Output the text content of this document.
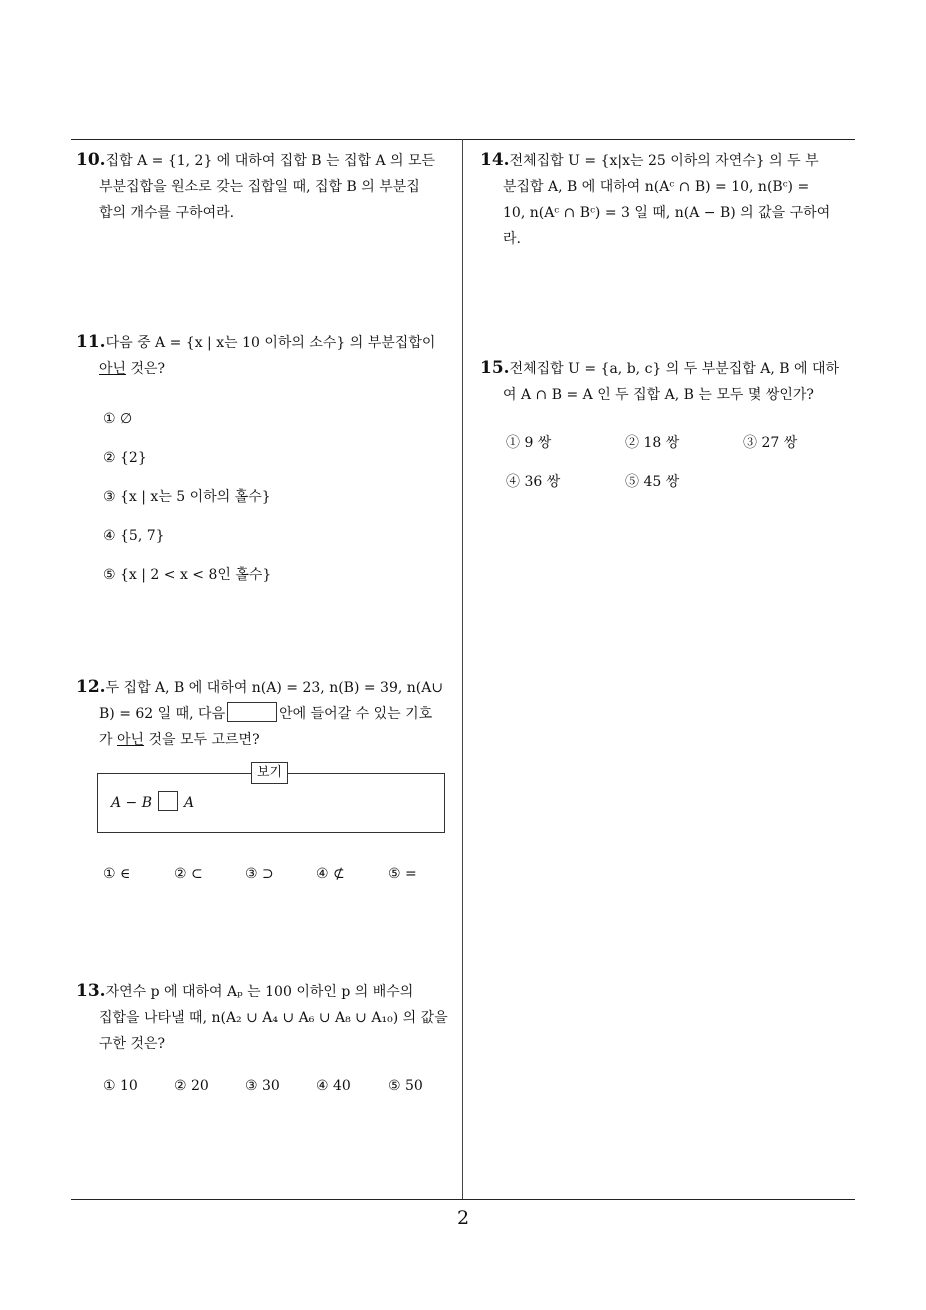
10.집합 A = {1, 2} 에 대하여 집합 B 는 집합 A 의 모든
부분집합을 원소로 갖는 집합일 때, 집합 B 의 부분집
합의 개수를 구하여라.
11.다음 중 A = {x | x는 10 이하의 소수} 의 부분집합이
아닌 것은?
① ∅
② {2}
③ {x | x는 5 이하의 홀수}
④ {5, 7}
⑤ {x | 2 < x < 8인 홀수}
12.두 집합 A, B 에 대하여 n(A) = 23, n(B) = 39, n(A∪
B) = 62 일 때, 다음	안에 들어갈 수 있는 기호
가 아닌 것을 모두 고르면?
보기
A − B A
① ∈	② ⊂	③ ⊃	④ ⊄	⑤ =
13.자연수 p 에 대하여 Aₚ 는 100 이하인 p 의 배수의
집합을 나타낼 때, n(A₂ ∪ A₄ ∪ A₆ ∪ A₈ ∪ A₁₀) 의 값을
구한 것은?
① 10	② 20	③ 30	④ 40	⑤ 50
14.전체집합 U = {x|x는 25 이하의 자연수} 의 두 부
분집합 A, B 에 대하여 n(Aᶜ ∩ B) = 10, n(Bᶜ) =
10, n(Aᶜ ∩ Bᶜ) = 3 일 때, n(A − B) 의 값을 구하여
라.
15.전체집합 U = {a, b, c} 의 두 부분집합 A, B 에 대하
여 A ∩ B = A 인 두 집합 A, B 는 모두 몇 쌍인가?
① 9 쌍	② 18 쌍	③ 27 쌍
④ 36 쌍	⑤ 45 쌍
2
